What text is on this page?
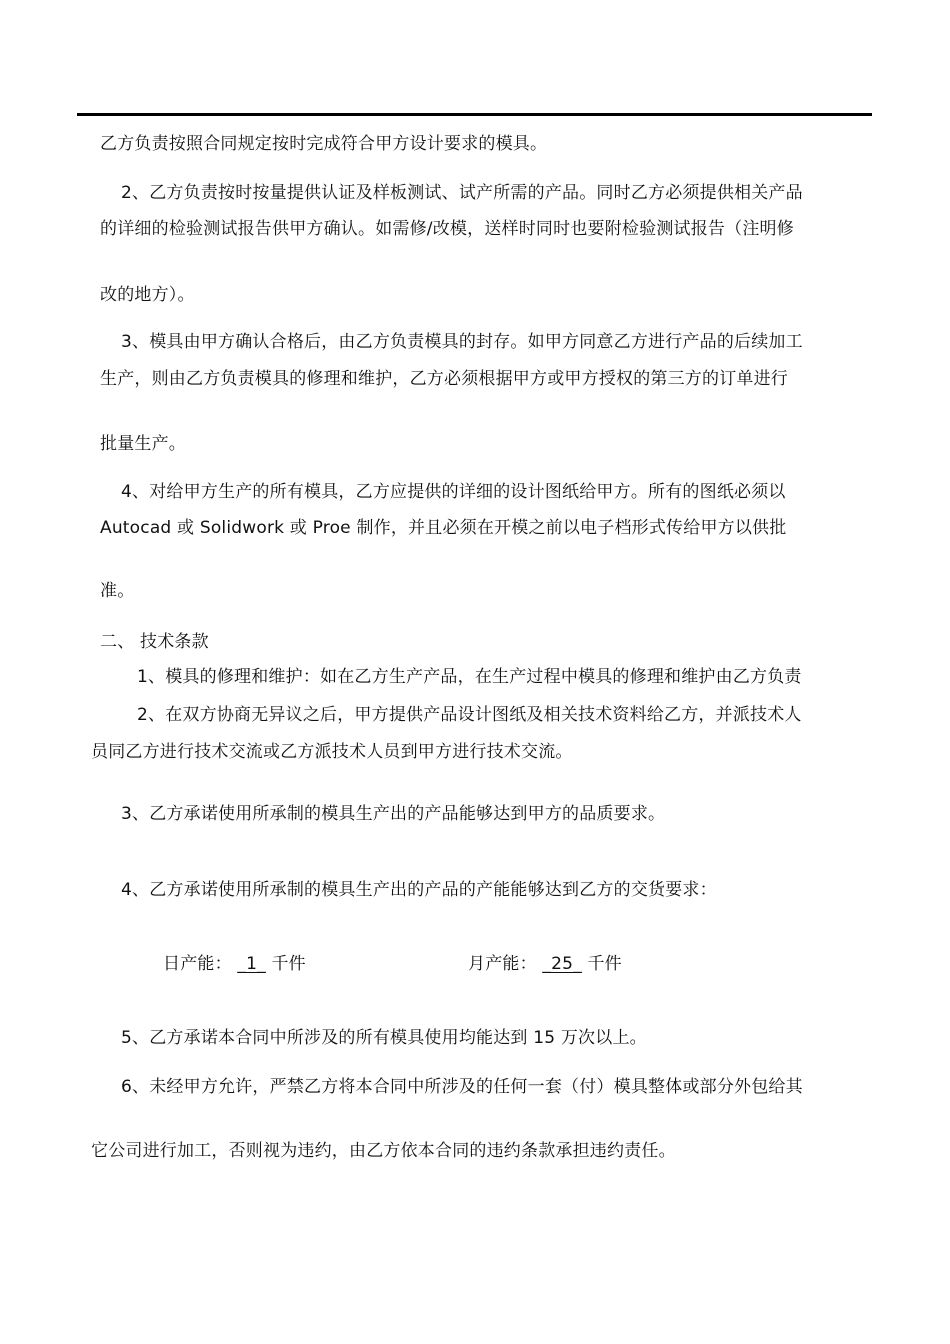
乙方负责按照合同规定按时完成符合甲方设计要求的模具。
2、乙方负责按时按量提供认证及样板测试、试产所需的产品。同时乙方必须提供相关产品
的详细的检验测试报告供甲方确认。如需修/改模，送样时同时也要附检验测试报告（注明修
改的地方）。
3、模具由甲方确认合格后，由乙方负责模具的封存。如甲方同意乙方进行产品的后续加工
生产，则由乙方负责模具的修理和维护，乙方必须根据甲方或甲方授权的第三方的订单进行
批量生产。
4、对给甲方生产的所有模具，乙方应提供的详细的设计图纸给甲方。所有的图纸必须以
Autocad 或 Solidwork 或 Proe 制作，并且必须在开模之前以电子档形式传给甲方以供批
准。
二、 技术条款
1、模具的修理和维护：如在乙方生产产品，在生产过程中模具的修理和维护由乙方负责
2、在双方协商无异议之后，甲方提供产品设计图纸及相关技术资料给乙方，并派技术人
员同乙方进行技术交流或乙方派技术人员到甲方进行技术交流。
3、乙方承诺使用所承制的模具生产出的产品能够达到甲方的品质要求。
4、乙方承诺使用所承制的模具生产出的产品的产能能够达到乙方的交货要求：
日产能： _1_ 千件	月产能： _25_ 千件
5、乙方承诺本合同中所涉及的所有模具使用均能达到 15 万次以上。
6、未经甲方允许，严禁乙方将本合同中所涉及的任何一套（付）模具整体或部分外包给其
它公司进行加工，否则视为违约，由乙方依本合同的违约条款承担违约责任。
